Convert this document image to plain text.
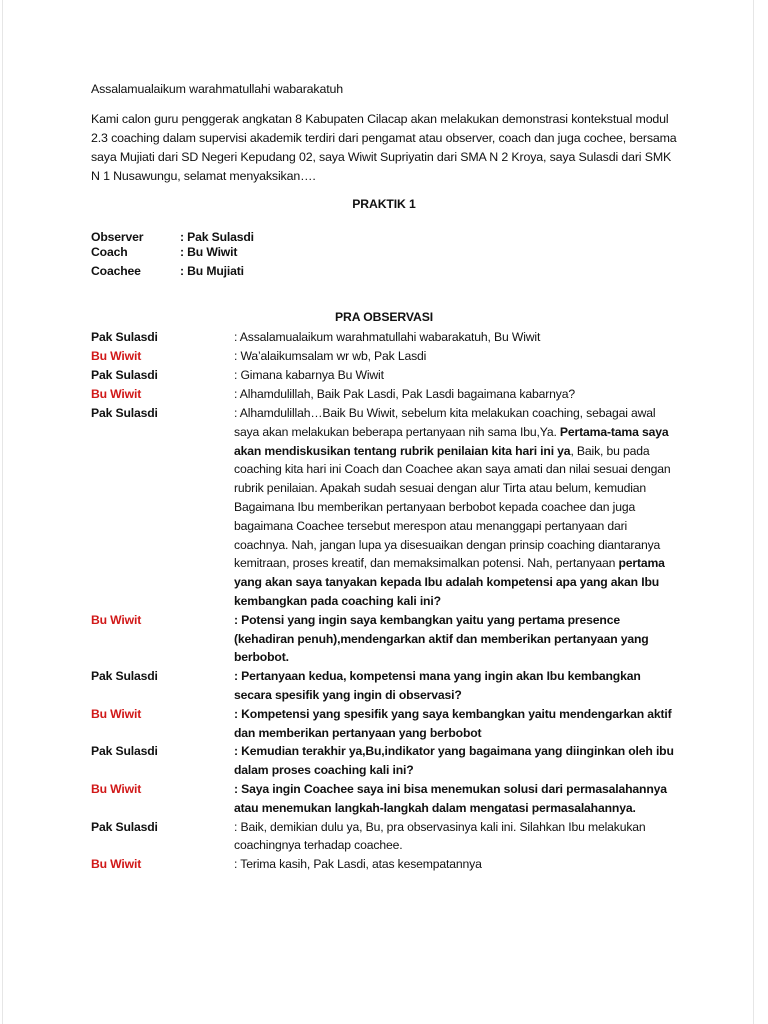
Assalamualaikum warahmatullahi wabarakatuh
Kami calon guru penggerak angkatan 8 Kabupaten Cilacap akan melakukan demonstrasi kontekstual modul 2.3 coaching dalam supervisi akademik terdiri dari pengamat atau observer, coach dan juga cochee, bersama saya Mujiati dari SD Negeri Kepudang 02, saya Wiwit Supriyatin dari SMA N 2 Kroya, saya Sulasdi dari SMK N 1 Nusawungu, selamat menyaksikan….
PRAKTIK 1
Observer	: Pak Sulasdi
Coach	: Bu Wiwit
Coachee	: Bu Mujiati
PRA OBSERVASI
Pak Sulasdi	: Assalamualaikum warahmatullahi wabarakatuh, Bu Wiwit
Bu Wiwit	: Wa’alaikumsalam wr wb, Pak Lasdi
Pak Sulasdi	: Gimana kabarnya Bu Wiwit
Bu Wiwit	: Alhamdulillah, Baik Pak Lasdi, Pak Lasdi bagaimana kabarnya?
Pak Sulasdi	: Alhamdulillah…Baik Bu Wiwit, sebelum kita melakukan coaching, sebagai awal saya akan melakukan beberapa pertanyaan nih sama Ibu,Ya. Pertama-tama saya akan mendiskusikan tentang rubrik penilaian kita hari ini ya, Baik, bu pada coaching kita hari ini Coach dan Coachee akan saya amati dan nilai sesuai dengan rubrik penilaian. Apakah sudah sesuai dengan alur Tirta atau belum, kemudian Bagaimana Ibu memberikan pertanyaan berbobot kepada coachee dan juga bagaimana Coachee tersebut merespon atau menanggapi pertanyaan dari coachnya. Nah, jangan lupa ya disesuaikan dengan prinsip coaching diantaranya kemitraan, proses kreatif, dan memaksimalkan potensi. Nah, pertanyaan pertama yang akan saya tanyakan kepada Ibu adalah kompetensi apa yang akan Ibu kembangkan pada coaching kali ini?
Bu Wiwit	: Potensi yang ingin saya kembangkan yaitu yang pertama presence (kehadiran penuh),mendengarkan aktif dan memberikan pertanyaan yang berbobot.
Pak Sulasdi	: Pertanyaan kedua, kompetensi mana yang ingin akan Ibu kembangkan secara spesifik yang ingin di observasi?
Bu Wiwit	: Kompetensi yang spesifik yang saya kembangkan yaitu mendengarkan aktif dan memberikan pertanyaan yang berbobot
Pak Sulasdi	: Kemudian terakhir ya,Bu,indikator yang bagaimana yang diinginkan oleh ibu dalam proses coaching kali ini?
Bu Wiwit	: Saya ingin Coachee saya ini bisa menemukan solusi dari permasalahannya atau menemukan langkah-langkah dalam mengatasi permasalahannya.
Pak Sulasdi	: Baik, demikian dulu ya, Bu, pra observasinya kali ini. Silahkan Ibu melakukan coachingnya terhadap coachee.
Bu Wiwit	: Terima kasih, Pak Lasdi, atas kesempatannya
